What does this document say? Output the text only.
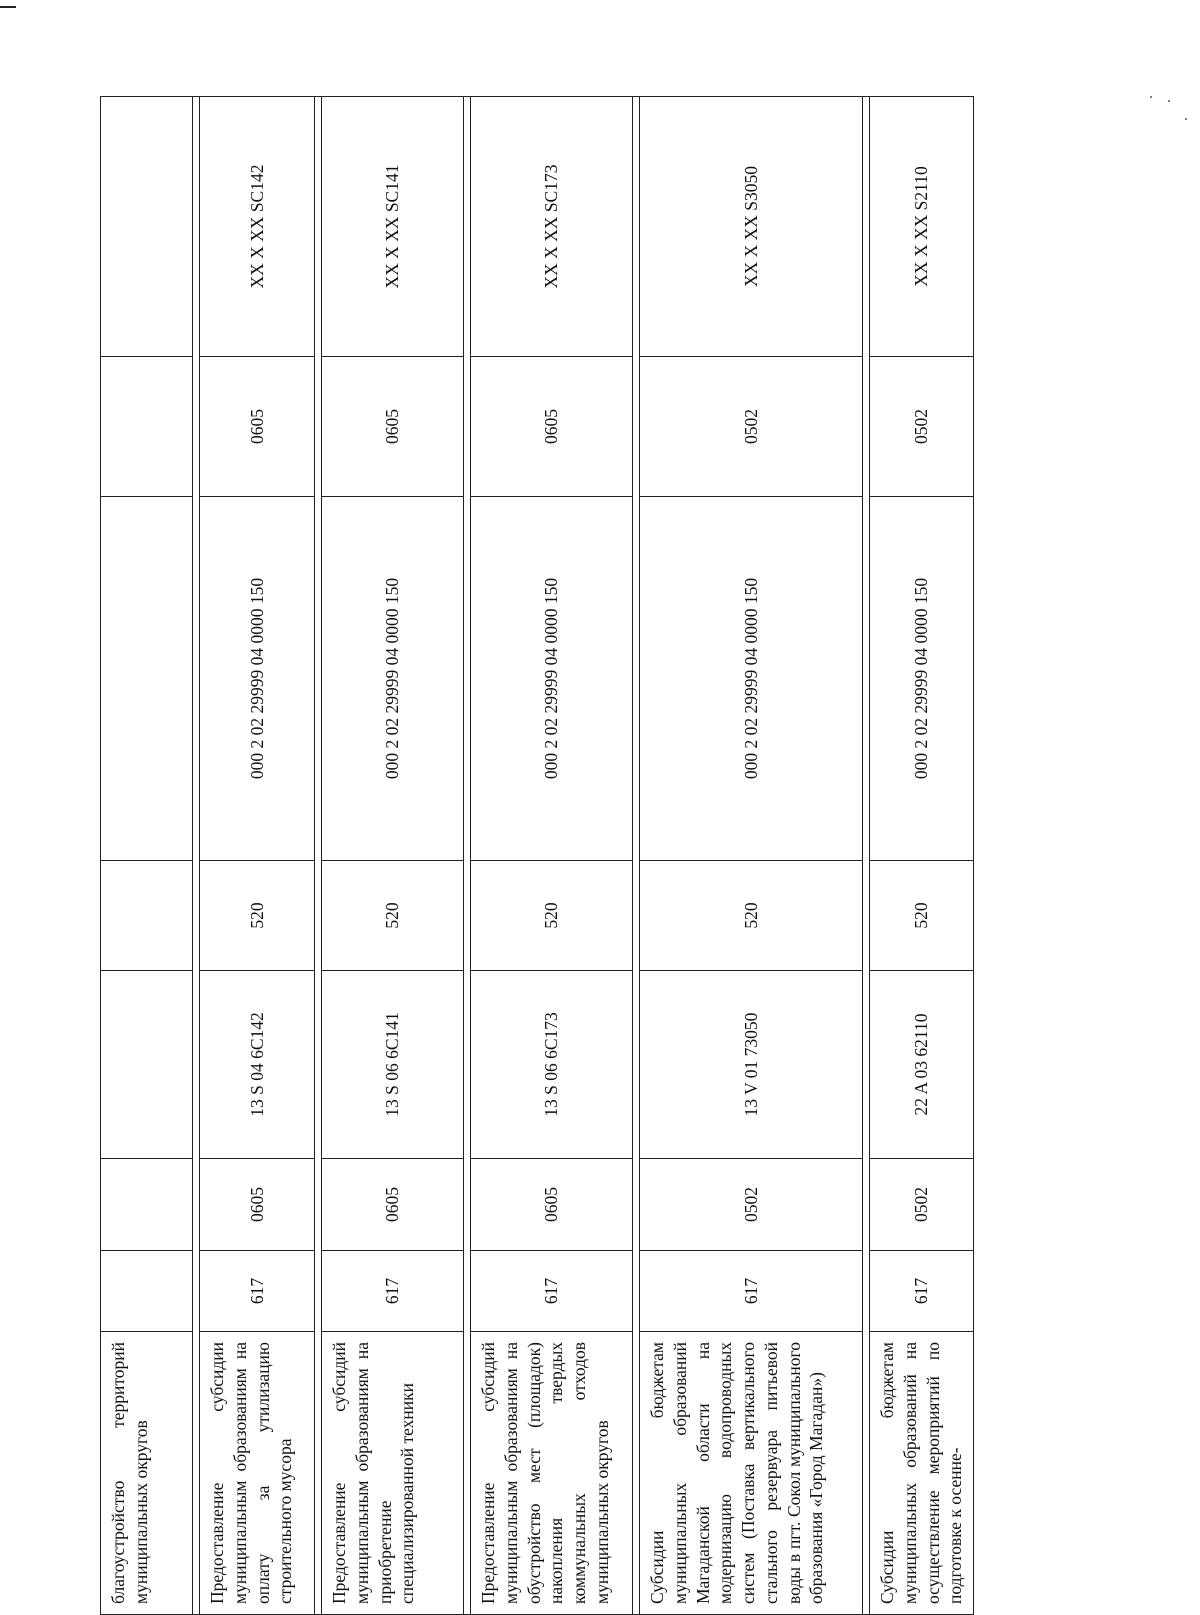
благоустройство территорий муниципальных округов							

Предоставление субсидии муниципальным образованиям на оплату за утилизацию строительного мусора	617	0605	13 S 04 6C142	520	000 2 02 29999 04 0000 150	0605	XX X XX SC142

Предоставление субсидий муниципальным образованиям на приобретение специализированной техники	617	0605	13 S 06 6C141	520	000 2 02 29999 04 0000 150	0605	XX X XX SC141

Предоставление субсидий муниципальным образованиям на обустройство мест (площадок) накопления твердых коммунальных отходов муниципальных округов	617	0605	13 S 06 6C173	520	000 2 02 29999 04 0000 150	0605	XX X XX SC173

Субсидии бюджетам муниципальных образований Магаданской области на модернизацию водопроводных систем (Поставка вертикального стального резервуара питьевой воды в пгт. Сокол муниципального образования «Город Магадан»)	617	0502	13 V 01 73050	520	000 2 02 29999 04 0000 150	0502	XX X XX S3050

Субсидии бюджетам муниципальных образований на осуществление мероприятий по подготовке к осенне-	617	0502	22 A 03 62110	520	000 2 02 29999 04 0000 150	0502	XX X XX S2110
